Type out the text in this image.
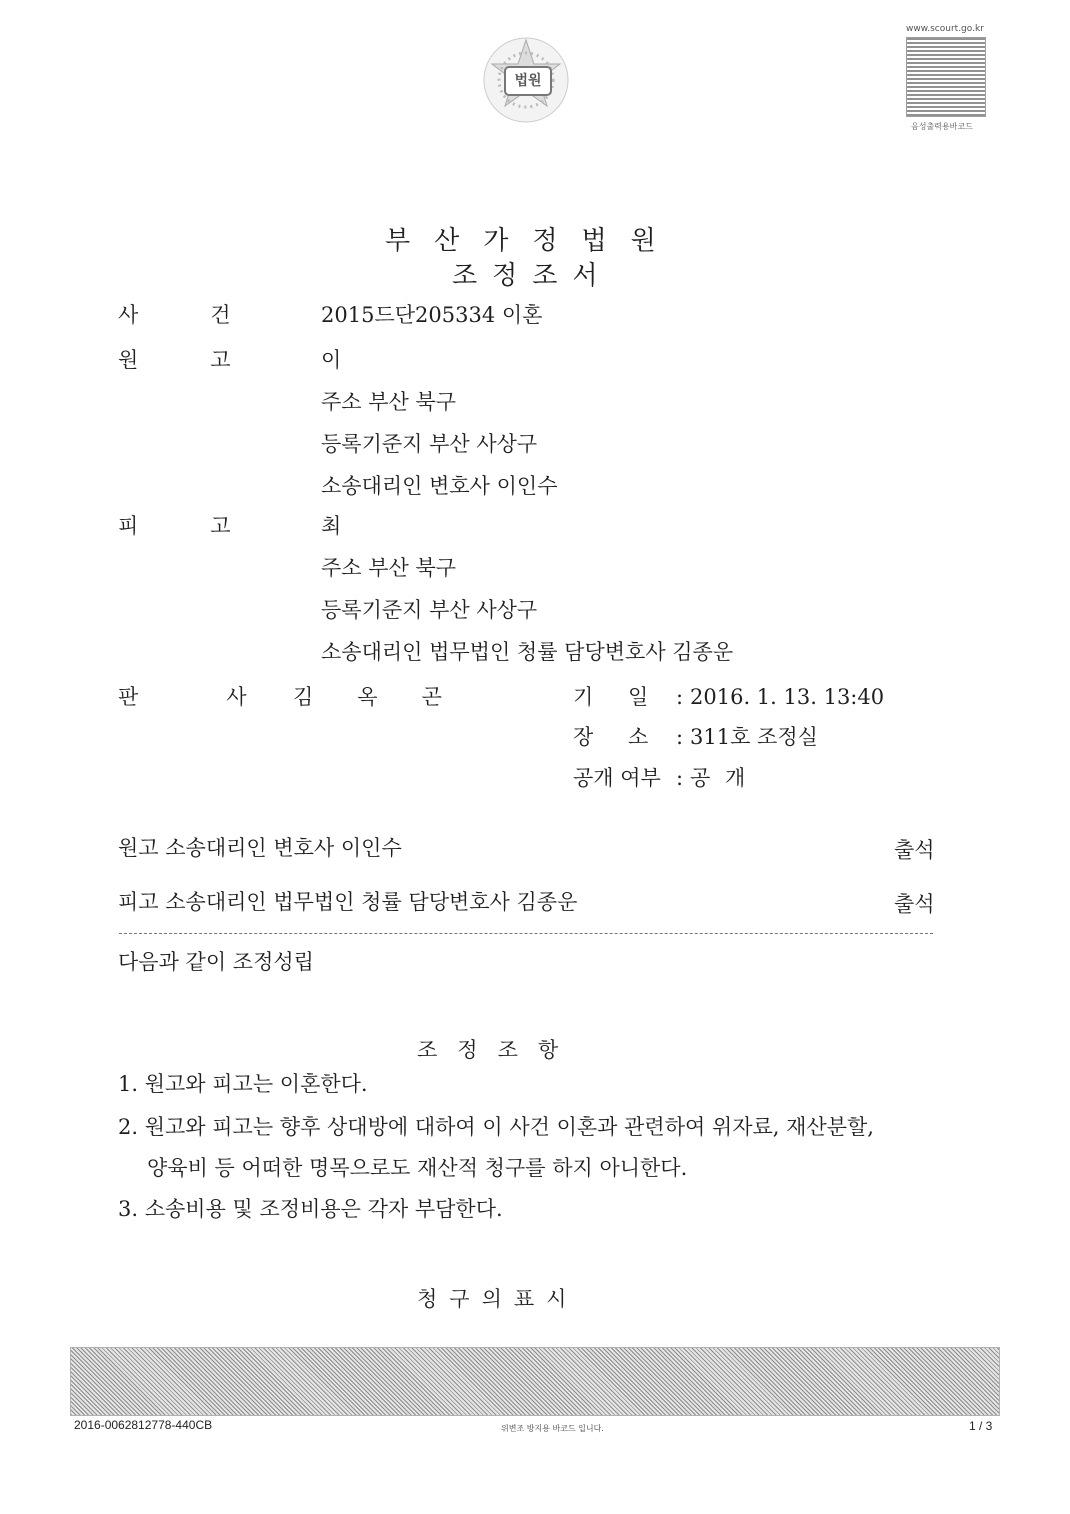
법원
www.scourt.go.kr
음성출력용바코드
부산가정법원
조정조서
사건 2015드단205334 이혼
원고 이
주소 부산 북구
등록기준지 부산 사상구
소송대리인 변호사 이인수
피고 최
주소 부산 북구
등록기준지 부산 사상구
소송대리인 법무법인 청률 담당변호사 김종운
판사
김옥곤	기 일 : 2016. 1. 13. 13:40
장 소 : 311호 조정실
공개 여부 : 공 개
원고 소송대리인 변호사 이인수	출석
피고 소송대리인 법무법인 청률 담당변호사 김종운	출석
다음과 같이 조정성립
조정조항
1. 원고와 피고는 이혼한다.
2. 원고와 피고는 향후 상대방에 대하여 이 사건 이혼과 관련하여 위자료, 재산분할,
양육비 등 어떠한 명목으로도 재산적 청구를 하지 아니한다.
3. 소송비용 및 조정비용은 각자 부담한다.
청구의표시
2016-0062812778-440CB	위변조 방지용 바코드 입니다.	1 / 3
